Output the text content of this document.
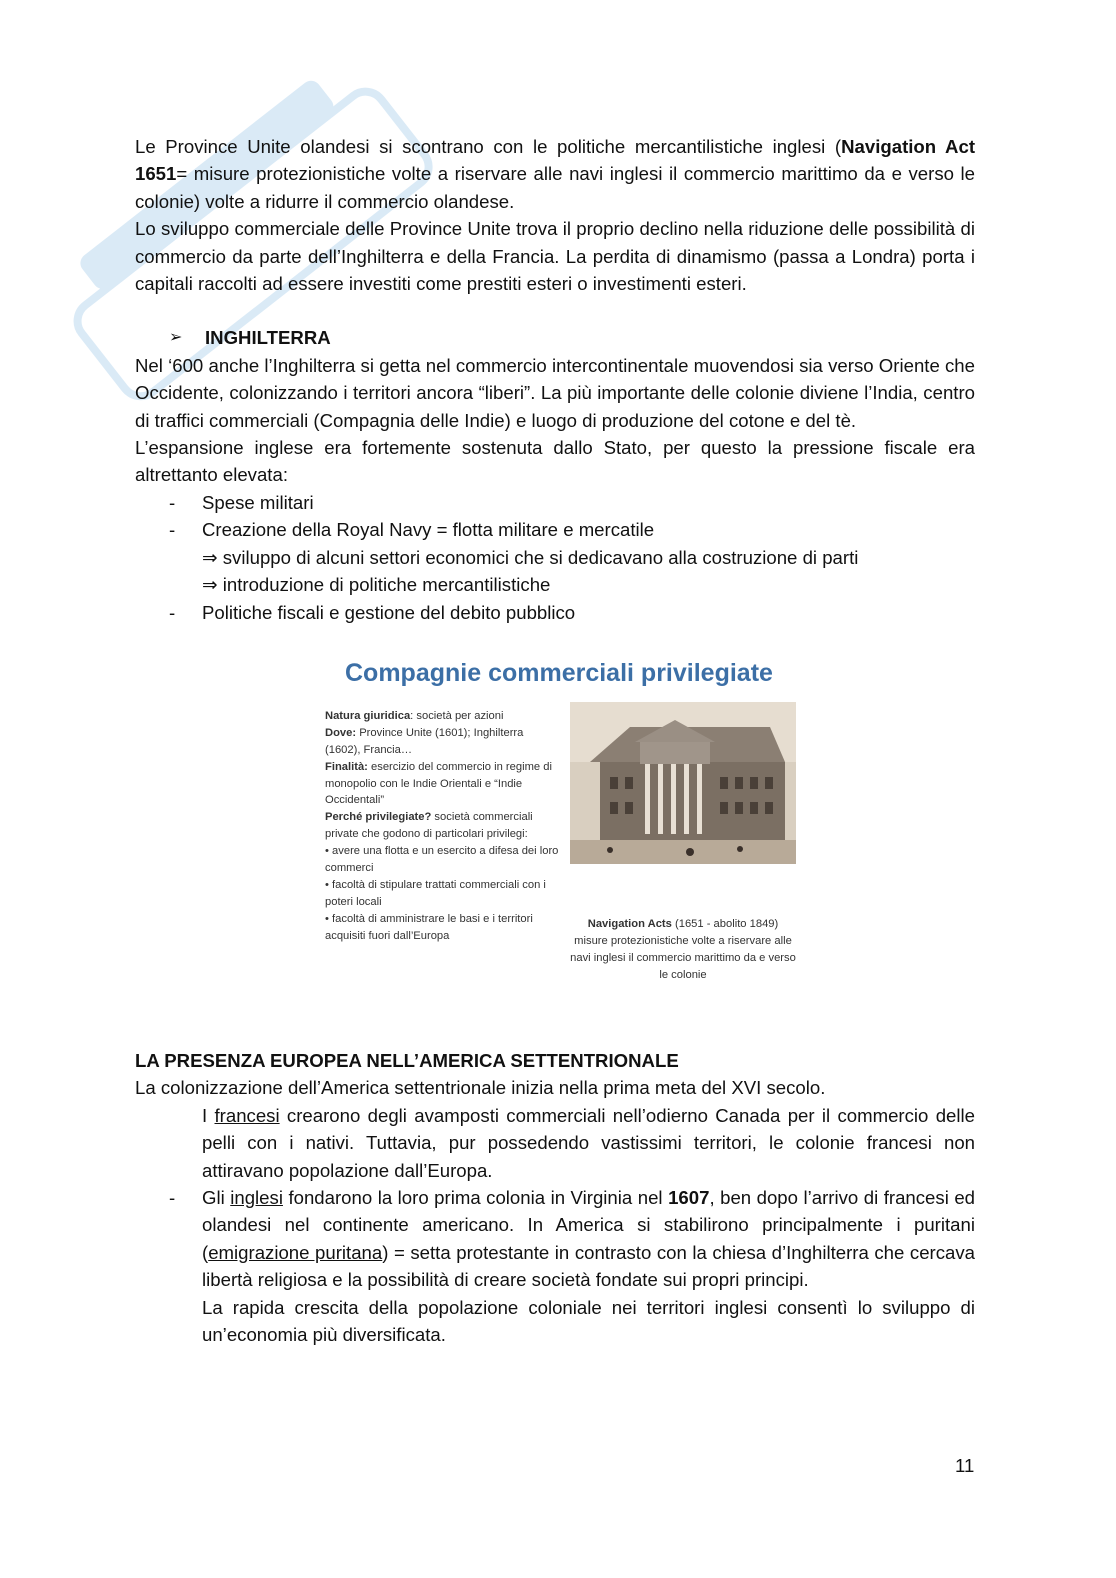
Le Province Unite olandesi si scontrano con le politiche mercantilistiche inglesi (Navigation Act 1651= misure protezionistiche volte a riservare alle navi inglesi il commercio marittimo da e verso le colonie) volte a ridurre il commercio olandese.

Lo sviluppo commerciale delle Province Unite trova il proprio declino nella riduzione delle possibilità di commercio da parte dell’Inghilterra e della Francia. La perdita di dinamismo (passa a Londra) porta i capitali raccolti ad essere investiti come prestiti esteri o investimenti esteri.

➢	INGHILTERRA

Nel ‘600 anche l’Inghilterra si getta nel commercio intercontinentale muovendosi sia verso Oriente che Occidente, colonizzando i territori ancora “liberi”. La più importante delle colonie diviene l’India, centro di traffici commerciali (Compagnia delle Indie) e luogo di produzione del cotone e del tè.

L’espansione inglese era fortemente sostenuta dallo Stato, per questo la pressione fiscale era altrettanto elevata:

- Spese militari
- Creazione della Royal Navy = flotta militare e mercatile
⇒ sviluppo di alcuni settori economici che si dedicavano alla costruzione di parti
⇒ introduzione di politiche mercantilistiche
- Politiche fiscali e gestione del debito pubblico
Compagnie commerciali privilegiate
Natura giuridica: società per azioni
Dove: Province Unite (1601); Inghilterra (1602), Francia…
Finalità: esercizio del commercio in regime di monopolio con le Indie Orientali e “Indie Occidentali”
Perché privilegiate? società commerciali private che godono di particolari privilegi:
• avere una flotta e un esercito a difesa dei loro commerci
• facoltà di stipulare trattati commerciali con i poteri locali
• facoltà di amministrare le basi e i territori acquisiti fuori dall’Europa
Navigation Acts (1651 - abolito 1849)
misure protezionistiche volte a riservare alle navi inglesi il commercio marittimo da e verso le colonie
LA PRESENZA EUROPEA NELL’AMERICA SETTENTRIONALE

La colonizzazione dell’America settentrionale inizia nella prima meta del XVI secolo.

I francesi crearono degli avamposti commerciali nell’odierno Canada per il commercio delle pelli con i nativi. Tuttavia, pur possedendo vastissimi territori, le colonie francesi non attiravano popolazione dall’Europa.

- Gli inglesi fondarono la loro prima colonia in Virginia nel 1607, ben dopo l’arrivo di francesi ed olandesi nel continente americano. In America si stabilirono principalmente i puritani (emigrazione puritana) = setta protestante in contrasto con la chiesa d’Inghilterra che cercava libertà religiosa e la possibilità di creare società fondate sui propri principi.

La rapida crescita della popolazione coloniale nei territori inglesi consentì lo sviluppo di un’economia più diversificata.

11
